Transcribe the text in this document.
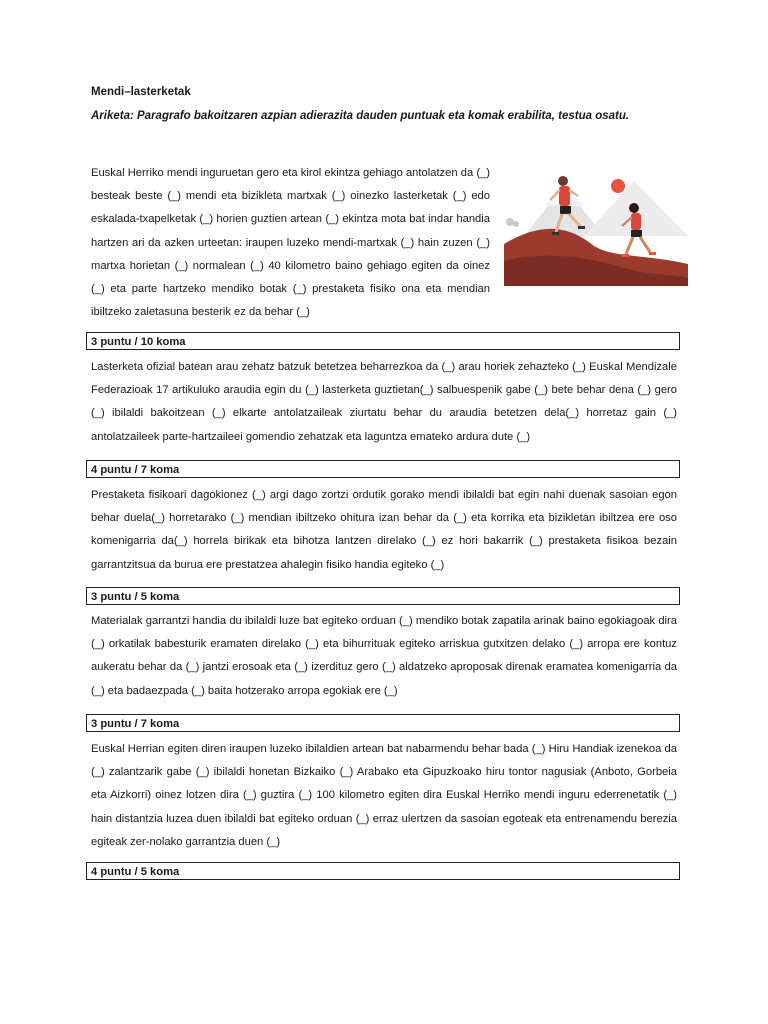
Mendi–lasterketak
Ariketa: Paragrafo bakoitzaren azpian adierazita dauden puntuak eta komak erabilita, testua osatu.

Euskal Herriko mendi inguruetan gero eta kirol ekintza gehiago antolatzen da (_) besteak beste (_) mendi eta bizikleta martxak (_) oinezko lasterketak (_) edo eskalada-txapelketak (_) horien guztien artean (_) ekintza mota bat indar handia hartzen ari da azken urteetan: iraupen luzeko mendi-martxak (_) hain zuzen (_) martxa horietan (_) normalean (_) 40 kilometro baino gehiago egiten da oinez (_) eta parte hartzeko mendiko botak (_) prestaketa fisiko ona eta mendian ibiltzeko zaletasuna besterik ez da behar (_)

3 puntu / 10 koma

Lasterketa ofizial batean arau zehatz batzuk betetzea beharrezkoa da (_) arau horiek zehazteko (_) Euskal Mendizale Federazioak 17 artikuluko araudia egin du (_) lasterketa guztietan(_) salbuespenik gabe (_) bete behar dena (_) gero (_) ibilaldi bakoitzean (_) elkarte antolatzaileak ziurtatu behar du araudia betetzen dela(_) horretaz gain (_) antolatzaileek parte-hartzaileei gomendio zehatzak eta laguntza emateko ardura dute (_)

4 puntu / 7 koma

Prestaketa fisikoari dagokionez (_) argi dago zortzi ordutik gorako mendi ibilaldi bat egin nahi duenak sasoian egon behar duela(_) horretarako (_) mendian ibiltzeko ohitura izan behar da (_) eta korrika eta bizikletan ibiltzea ere oso komenigarria da(_) horrela birikak eta bihotza lantzen direlako (_) ez hori bakarrik (_) prestaketa fisikoa bezain garrantzitsua da burua ere prestatzea ahalegin fisiko handia egiteko (_)

3 puntu / 5 koma

Materialak garrantzi handia du ibilaldi luze bat egiteko orduan (_) mendiko botak zapatila arinak baino egokiagoak dira (_) orkatilak babesturik eramaten direlako (_) eta bihurrituak egiteko arriskua gutxitzen delako (_) arropa ere kontuz aukeratu behar da (_) jantzi erosoak eta (_) izerdituz gero (_) aldatzeko aproposak direnak eramatea komenigarria da (_) eta badaezpada (_) baita hotzerako arropa egokiak ere (_)

3 puntu / 7 koma

Euskal Herrian egiten diren iraupen luzeko ibilaldien artean bat nabarmendu behar bada (_) Hiru Handiak izenekoa da (_) zalantzarik gabe (_) ibilaldi honetan Bizkaiko (_) Arabako eta Gipuzkoako hiru tontor nagusiak (Anboto, Gorbeia eta Aizkorri) oinez lotzen dira (_) guztira (_) 100 kilometro egiten dira Euskal Herriko mendi inguru ederrenetatik (_) hain distantzia luzea duen ibilaldi bat egiteko orduan (_) erraz ulertzen da sasoian egoteak eta entrenamendu berezia egiteak zer-nolako garrantzia duen (_)

4 puntu / 5 koma
